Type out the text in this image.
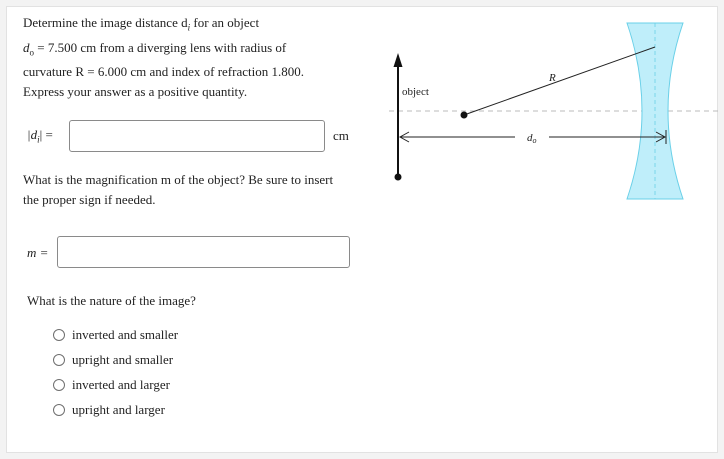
Determine the image distance $d_i$ for an object
$d_o = 7.500$ cm from a diverging lens with radius of
curvature R = 6.000 cm and index of refraction 1.800.
Express your answer as a positive quantity.
$|d_i|$ =	cm
What is the magnification m of the object? Be sure to insert
the proper sign if needed.
m =
What is the nature of the image?
inverted and smaller
upright and smaller
inverted and larger
upright and larger
object
R
do
